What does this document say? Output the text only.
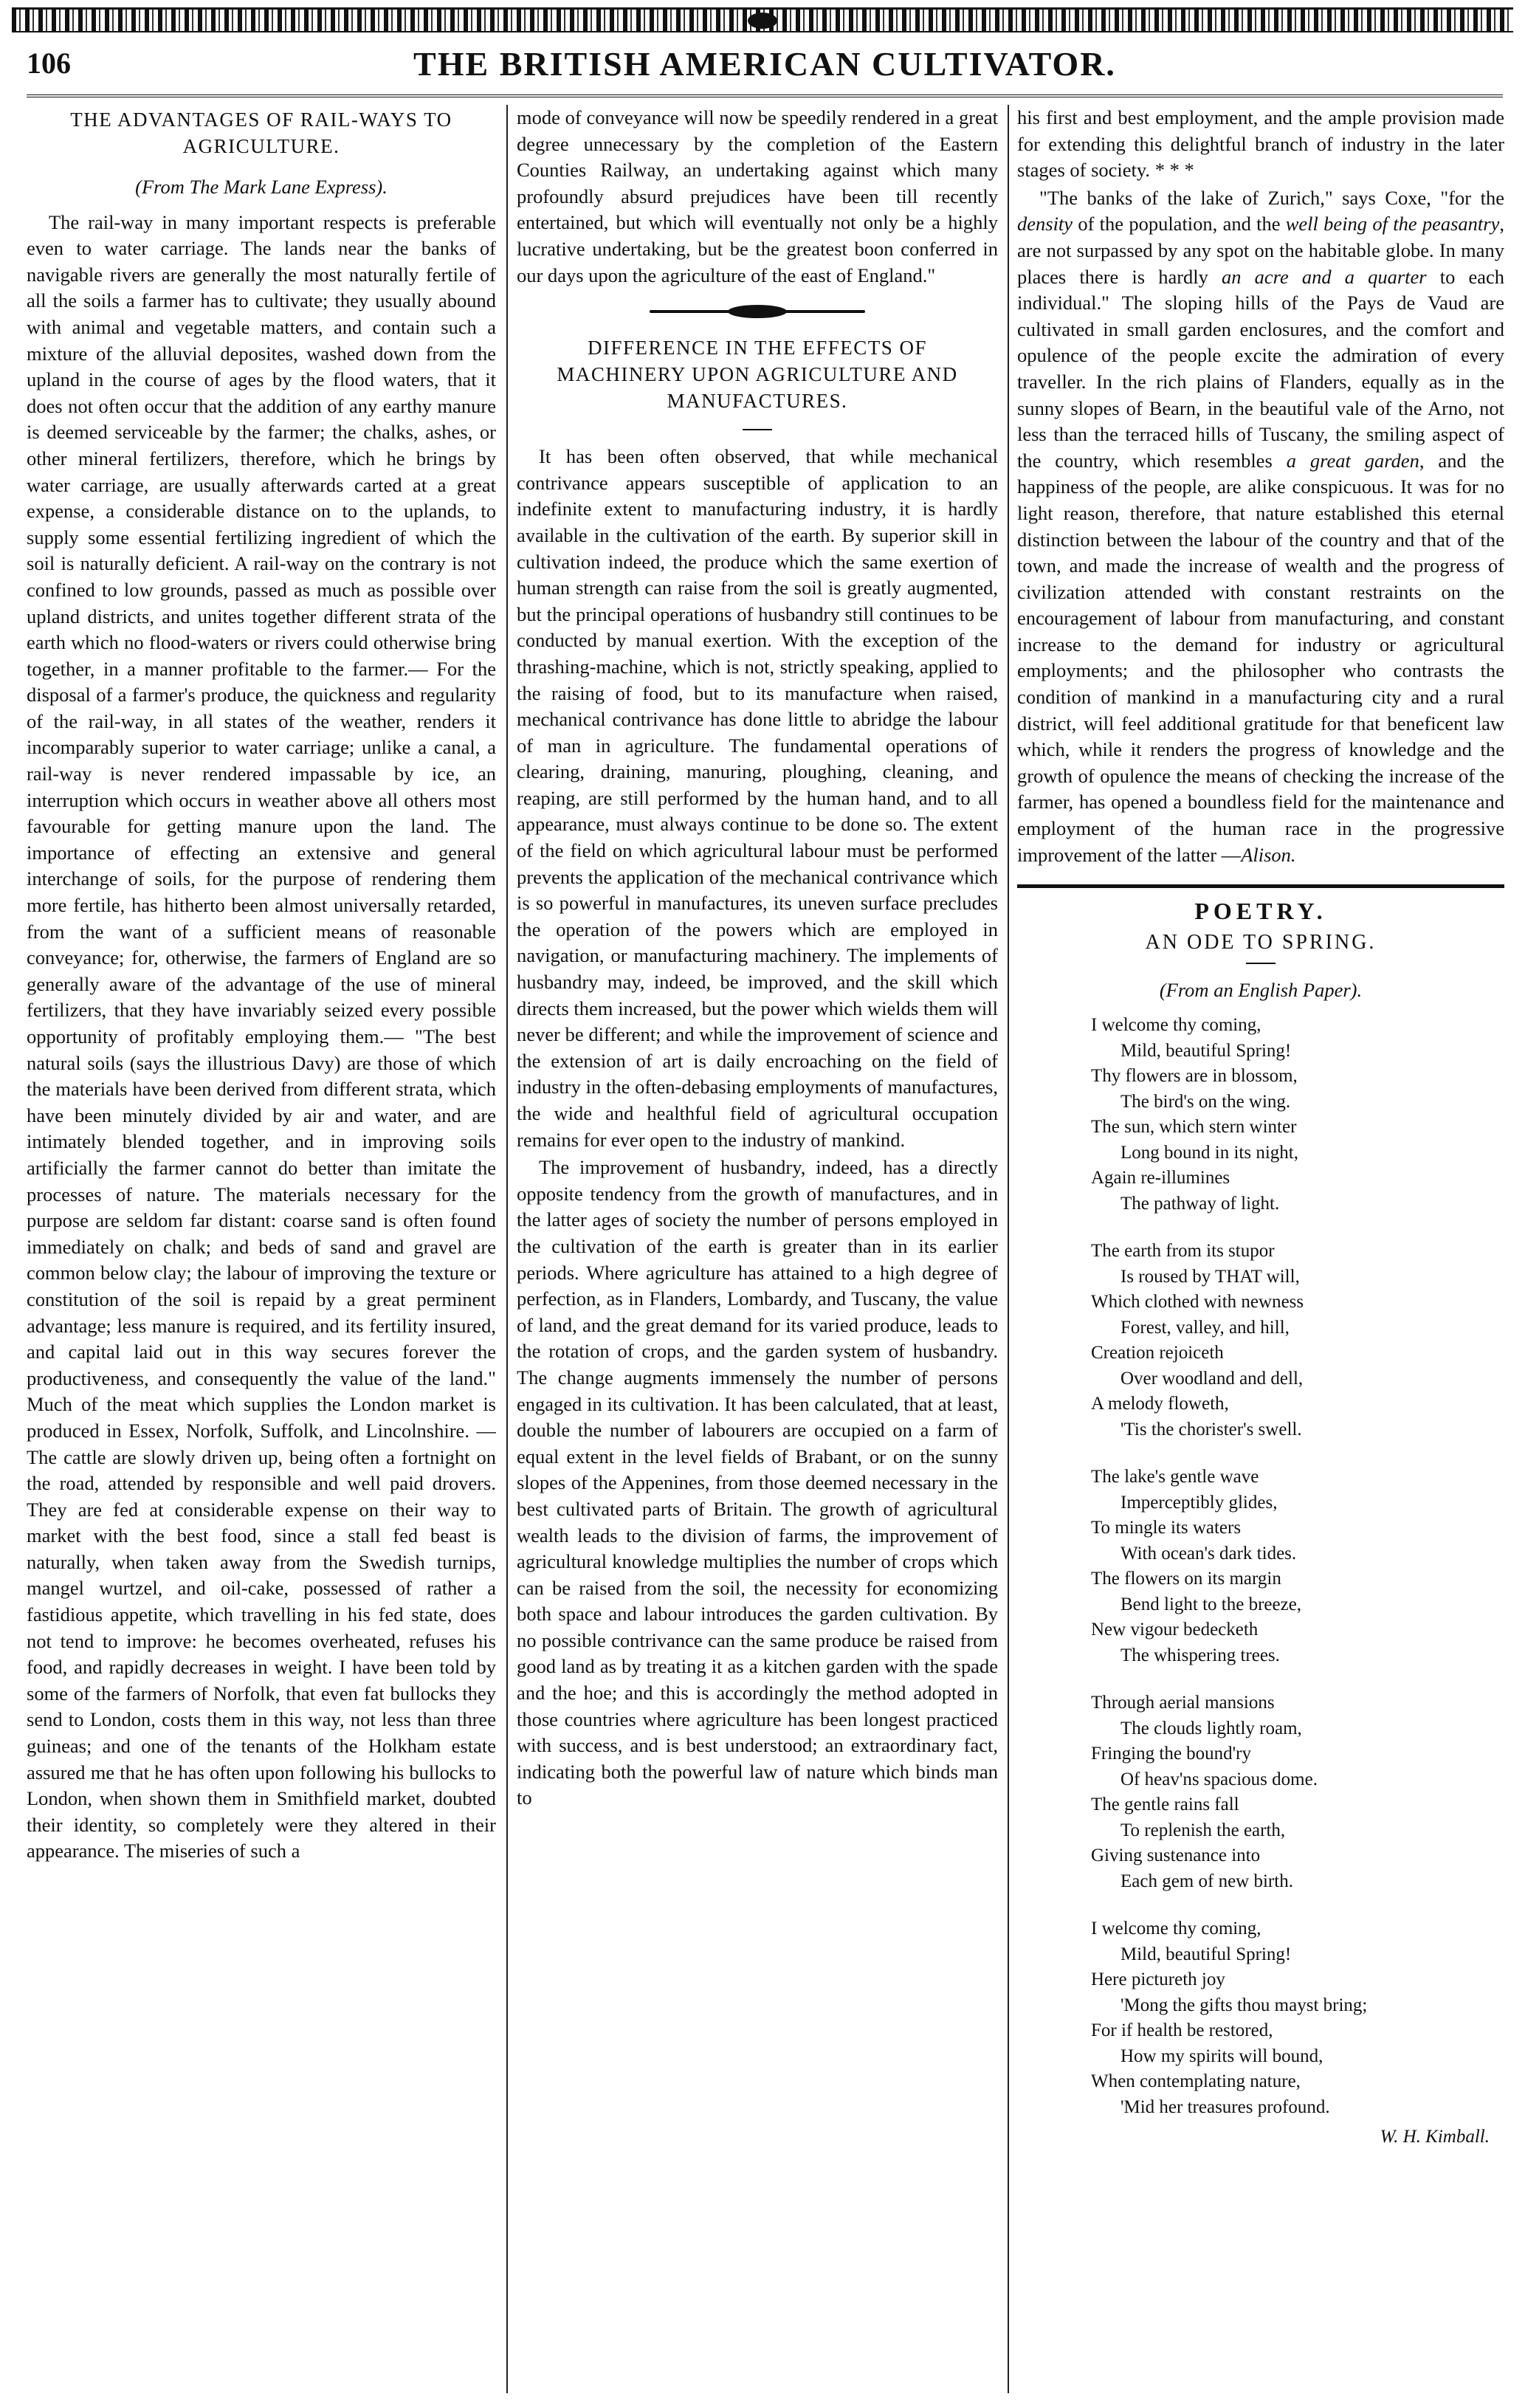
106	THE BRITISH AMERICAN CULTIVATOR.
THE ADVANTAGES OF RAIL-WAYS TO AGRICULTURE.
(From The Mark Lane Express).

The rail-way in many important respects is preferable even to water carriage. The lands near the banks of navigable rivers are generally the most naturally fertile of all the soils a farmer has to cultivate; they usually abound with animal and vegetable matters, and contain such a mixture of the alluvial deposites, washed down from the upland in the course of ages by the flood waters, that it does not often occur that the addition of any earthy manure is deemed serviceable by the farmer; the chalks, ashes, or other mineral fertilizers, therefore, which he brings by water carriage, are usually afterwards carted at a great expense, a considerable distance on to the uplands, to supply some essential fertilizing ingredient of which the soil is naturally deficient. A rail-way on the contrary is not confined to low grounds, passed as much as possible over upland districts, and unites together different strata of the earth which no flood-waters or rivers could otherwise bring together, in a manner profitable to the farmer.— For the disposal of a farmer's produce, the quickness and regularity of the rail-way, in all states of the weather, renders it incomparably superior to water carriage; unlike a canal, a rail-way is never rendered impassable by ice, an interruption which occurs in weather above all others most favourable for getting manure upon the land. The importance of effecting an extensive and general interchange of soils, for the purpose of rendering them more fertile, has hitherto been almost universally retarded, from the want of a sufficient means of reasonable conveyance; for, otherwise, the farmers of England are so generally aware of the advantage of the use of mineral fertilizers, that they have invariably seized every possible opportunity of profitably employing them.— "The best natural soils (says the illustrious Davy) are those of which the materials have been derived from different strata, which have been minutely divided by air and water, and are intimately blended together, and in improving soils artificially the farmer cannot do better than imitate the processes of nature. The materials necessary for the purpose are seldom far distant: coarse sand is often found immediately on chalk; and beds of sand and gravel are common below clay; the labour of improving the texture or constitution of the soil is repaid by a great perminent advantage; less manure is required, and its fertility insured, and capital laid out in this way secures forever the productiveness, and consequently the value of the land." Much of the meat which supplies the London market is produced in Essex, Norfolk, Suffolk, and Lincolnshire. — The cattle are slowly driven up, being often a fortnight on the road, attended by responsible and well paid drovers. They are fed at considerable expense on their way to market with the best food, since a stall fed beast is naturally, when taken away from the Swedish turnips, mangel wurtzel, and oil-cake, possessed of rather a fastidious appetite, which travelling in his fed state, does not tend to improve: he becomes overheated, refuses his food, and rapidly decreases in weight. I have been told by some of the farmers of Norfolk, that even fat bullocks they send to London, costs them in this way, not less than three guineas; and one of the tenants of the Holkham estate assured me that he has often upon following his bullocks to London, when shown them in Smithfield market, doubted their identity, so completely were they altered in their appearance. The miseries of such a

mode of conveyance will now be speedily rendered in a great degree unnecessary by the completion of the Eastern Counties Railway, an undertaking against which many profoundly absurd prejudices have been till recently entertained, but which will eventually not only be a highly lucrative undertaking, but be the greatest boon conferred in our days upon the agriculture of the east of England."

DIFFERENCE IN THE EFFECTS OF MACHINERY UPON AGRICULTURE AND MANUFACTURES.

It has been often observed, that while mechanical contrivance appears susceptible of application to an indefinite extent to manufacturing industry, it is hardly available in the cultivation of the earth. By superior skill in cultivation indeed, the produce which the same exertion of human strength can raise from the soil is greatly augmented, but the principal operations of husbandry still continues to be conducted by manual exertion. With the exception of the thrashing-machine, which is not, strictly speaking, applied to the raising of food, but to its manufacture when raised, mechanical contrivance has done little to abridge the labour of man in agriculture. The fundamental operations of clearing, draining, manuring, ploughing, cleaning, and reaping, are still performed by the human hand, and to all appearance, must always continue to be done so. The extent of the field on which agricultural labour must be performed prevents the application of the mechanical contrivance which is so powerful in manufactures, its uneven surface precludes the operation of the powers which are employed in navigation, or manufacturing machinery. The implements of husbandry may, indeed, be improved, and the skill which directs them increased, but the power which wields them will never be different; and while the improvement of science and the extension of art is daily encroaching on the field of industry in the often-debasing employments of manufactures, the wide and healthful field of agricultural occupation remains for ever open to the industry of mankind.

The improvement of husbandry, indeed, has a directly opposite tendency from the growth of manufactures, and in the latter ages of society the number of persons employed in the cultivation of the earth is greater than in its earlier periods. Where agriculture has attained to a high degree of perfection, as in Flanders, Lombardy, and Tuscany, the value of land, and the great demand for its varied produce, leads to the rotation of crops, and the garden system of husbandry. The change augments immensely the number of persons engaged in its cultivation. It has been calculated, that at least, double the number of labourers are occupied on a farm of equal extent in the level fields of Brabant, or on the sunny slopes of the Appenines, from those deemed necessary in the best cultivated parts of Britain. The growth of agricultural wealth leads to the division of farms, the improvement of agricultural knowledge multiplies the number of crops which can be raised from the soil, the necessity for economizing both space and labour introduces the garden cultivation. By no possible contrivance can the same produce be raised from good land as by treating it as a kitchen garden with the spade and the hoe; and this is accordingly the method adopted in those countries where agriculture has been longest practiced with success, and is best understood; an extraordinary fact, indicating both the powerful law of nature which binds man to

his first and best employment, and the ample provision made for extending this delightful branch of industry in the later stages of society. * * *

"The banks of the lake of Zurich," says Coxe, "for the density of the population, and the well being of the peasantry, are not surpassed by any spot on the habitable globe. In many places there is hardly an acre and a quarter to each individual." The sloping hills of the Pays de Vaud are cultivated in small garden enclosures, and the comfort and opulence of the people excite the admiration of every traveller. In the rich plains of Flanders, equally as in the sunny slopes of Bearn, in the beautiful vale of the Arno, not less than the terraced hills of Tuscany, the smiling aspect of the country, which resembles a great garden, and the happiness of the people, are alike conspicuous. It was for no light reason, therefore, that nature established this eternal distinction between the labour of the country and that of the town, and made the increase of wealth and the progress of civilization attended with constant restraints on the encouragement of labour from manufacturing, and constant increase to the demand for industry or agricultural employments; and the philosopher who contrasts the condition of mankind in a manufacturing city and a rural district, will feel additional gratitude for that beneficent law which, while it renders the progress of knowledge and the growth of opulence the means of checking the increase of the farmer, has opened a boundless field for the maintenance and employment of the human race in the progressive improvement of the latter —Alison.

POETRY.
AN ODE TO SPRING.
(From an English Paper).
I welcome thy coming,
Mild, beautiful Spring!
Thy flowers are in blossom,
The bird's on the wing.
The sun, which stern winter
Long bound in its night,
Again re-illumines
The pathway of light.
The earth from its stupor
Is roused by THAT will,
Which clothed with newness
Forest, valley, and hill,
Creation rejoiceth
Over woodland and dell,
A melody floweth,
'Tis the chorister's swell.
The lake's gentle wave
Imperceptibly glides,
To mingle its waters
With ocean's dark tides.
The flowers on its margin
Bend light to the breeze,
New vigour bedecketh
The whispering trees.
Through aerial mansions
The clouds lightly roam,
Fringing the bound'ry
Of heav'ns spacious dome.
The gentle rains fall
To replenish the earth,
Giving sustenance into
Each gem of new birth.
I welcome thy coming,
Mild, beautiful Spring!
Here pictureth joy
'Mong the gifts thou mayst bring;
For if health be restored,
How my spirits will bound,
When contemplating nature,
'Mid her treasures profound.
W. H. Kimball.
